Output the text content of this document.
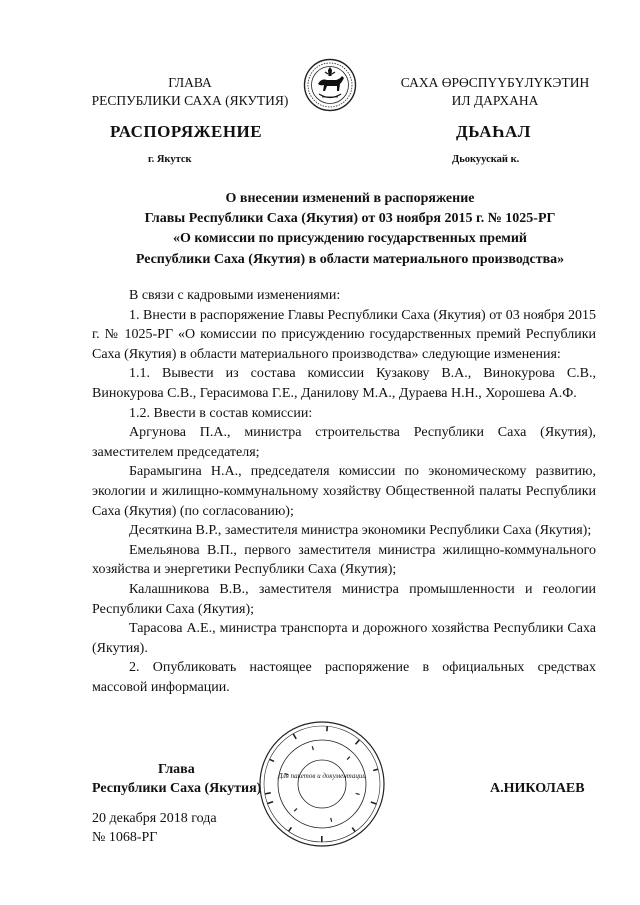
ГЛАВА
РЕСПУБЛИКИ САХА (ЯКУТИЯ)
САХА ӨРӨСПҮҮБҮЛҮКЭТИН
ИЛ ДАРХАНА
РАСПОРЯЖЕНИЕ	ДЬАҺАЛ
г. Якутск	Дьокуускай к.
О внесении изменений в распоряжение
Главы Республики Саха (Якутия) от 03 ноября 2015 г. № 1025-РГ
«О комиссии по присуждению государственных премий
Республики Саха (Якутия) в области материального производства»

В связи с кадровыми изменениями:

1. Внести в распоряжение Главы Республики Саха (Якутия) от 03 ноября 2015 г. № 1025-РГ «О комиссии по присуждению государственных премий Республики Саха (Якутия) в области материального производства» следующие изменения:

1.1. Вывести из состава комиссии Кузакову В.А., Винокурова С.В., Винокурова С.В., Герасимова Г.Е., Данилову М.А., Дураева Н.Н., Хорошева А.Ф.

1.2. Ввести в состав комиссии:

Аргунова П.А., министра строительства Республики Саха (Якутия), заместителем председателя;

Барамыгина Н.А., председателя комиссии по экономическому развитию, экологии и жилищно-коммунальному хозяйству Общественной палаты Республики Саха (Якутия) (по согласованию);

Десяткина В.Р., заместителя министра экономики Республики Саха (Якутия);

Емельянова В.П., первого заместителя министра жилищно-коммунального хозяйства и энергетики Республики Саха (Якутия);

Калашникова В.В., заместителя министра промышленности и геологии Республики Саха (Якутия);

Тарасова А.Е., министра транспорта и дорожного хозяйства Республики Саха (Якутия).

2. Опубликовать настоящее распоряжение в официальных средствах массовой информации.

Глава
Республики Саха (Якутия)	А.НИКОЛАЕВ
20 декабря 2018 года
№ 1068-РГ
Для пакетов и документации
